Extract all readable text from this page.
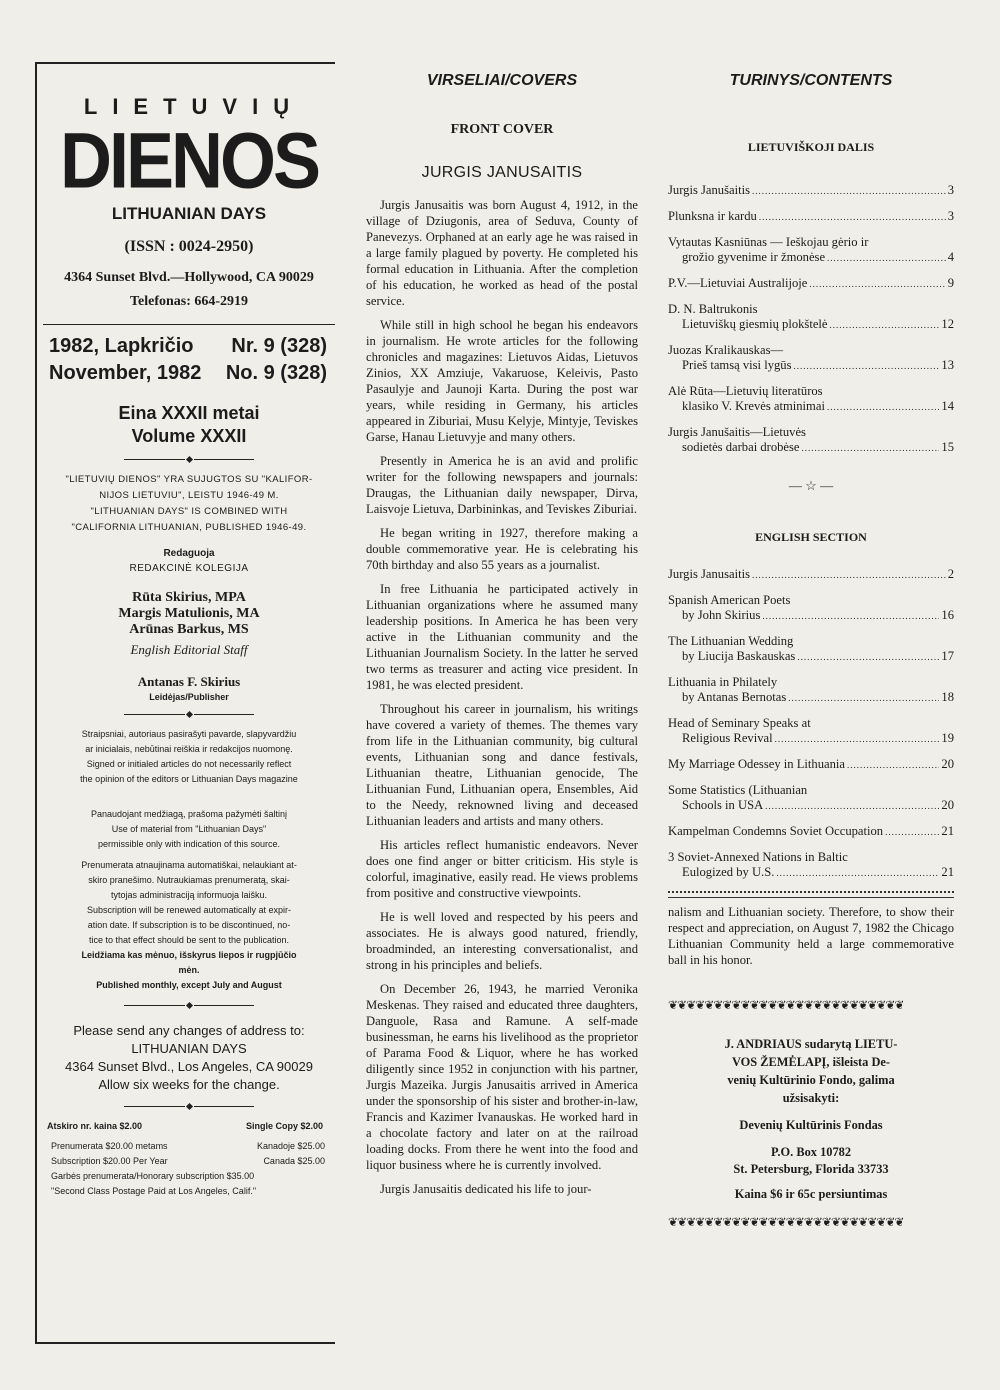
LIETUVIŲ
DIENOS
LITHUANIAN DAYS
(ISSN : 0024-2950)
4364 Sunset Blvd.—Hollywood, CA 90029
Telefonas: 664-2919
1982, Lapkričio Nr. 9 (328)
November, 1982 No. 9 (328)
Eina XXXII metai
Volume XXXII
"LIETUVIŲ DIENOS" YRA SUJUGTOS SU "KALIFOR-
NIJOS LIETUVIU", LEISTU 1946-49 M.
"LITHUANIAN DAYS" IS COMBINED WITH
"CALIFORNIA LITHUANIAN, PUBLISHED 1946-49.
Redaguoja
REDAKCINĖ KOLEGIJA
Rūta Skirius, MPA
Margis Matulionis, MA
Arūnas Barkus, MS
English Editorial Staff
Antanas F. Skirius
Leidėjas/Publisher
Straipsniai, autoriaus pasirašyti pavarde, slapyvardžiu
ar inicialais, nebūtinai reiškia ir redakcijos nuomonę.
Signed or initialed articles do not necessarily reflect
the opinion of the editors or Lithuanian Days magazine
Panaudojant medžiagą, prašoma pažymėti šaltinį
Use of material from "Lithuanian Days"
permissible only with indication of this source.
Prenumerata atnaujinama automatiškai, nelaukiant at-
skiro pranešimo. Nutraukiamas prenumeratą, skai-
tytojas administraciją informuoja laišku.
Subscription will be renewed automatically at expir-
ation date. If subscription is to be discontinued, no-
tice to that effect should be sent to the publication.
Leidžiama kas mėnuo, išskyrus liepos ir rugpjūčio
mėn.
Published monthly, except July and August
Please send any changes of address to:
LITHUANIAN DAYS
4364 Sunset Blvd., Los Angeles, CA 90029
Allow six weeks for the change.
Atskiro nr. kaina $2.00	Single Copy $2.00
Prenumerata $20.00 metams	Kanadoje $25.00
Subscription $20.00 Per Year	Canada $25.00
Garbės prenumerata/Honorary subscription $35.00
"Second Class Postage Paid at Los Angeles, Calif."
VIRSELIAI/COVERS
FRONT COVER
JURGIS JANUSAITIS

Jurgis Janusaitis was born August 4, 1912, in the village of Dziugonis, area of Seduva, County of Panevezys. Orphaned at an early age he was raised in a large family plagued by poverty. He completed his formal education in Lithuania. After the completion of his education, he worked as head of the postal service.

While still in high school he began his endeavors in journalism. He wrote articles for the following chronicles and magazines: Lietuvos Aidas, Lietuvos Zinios, XX Amziuje, Vakaruose, Keleivis, Pasto Pasaulyje and Jaunoji Karta. During the post war years, while residing in Germany, his articles appeared in Ziburiai, Musu Kelyje, Mintyje, Teviskes Garse, Hanau Lietuvyje and many others.

Presently in America he is an avid and prolific writer for the following newspapers and journals: Draugas, the Lithuanian daily newspaper, Dirva, Laisvoje Lietuva, Darbininkas, and Teviskes Ziburiai.

He began writing in 1927, therefore making a double commemorative year. He is celebrating his 70th birthday and also 55 years as a journalist.

In free Lithuania he participated actively in Lithuanian organizations where he assumed many leadership positions. In America he has been very active in the Lithuanian community and the Lithuanian Journalism Society. In the latter he served two terms as treasurer and acting vice president. In 1981, he was elected president.

Throughout his career in journalism, his writings have covered a variety of themes. The themes vary from life in the Lithuanian community, big cultural events, Lithuanian song and dance festivals, Lithuanian theatre, Lithuanian genocide, The Lithuanian Fund, Lithuanian opera, Ensembles, Aid to the Needy, reknowned living and deceased Lithuanian leaders and artists and many others.

His articles reflect humanistic endeavors. Never does one find anger or bitter criticism. His style is colorful, imaginative, easily read. He views problems from positive and constructive viewpoints.

He is well loved and respected by his peers and associates. He is always good natured, friendly, broadminded, an interesting conversationalist, and strong in his principles and beliefs.

On December 26, 1943, he married Veronika Meskenas. They raised and educated three daughters, Danguole, Rasa and Ramune. A self-made businessman, he earns his livelihood as the proprietor of Parama Food & Liquor, where he has worked diligently since 1952 in conjunction with his partner, Jurgis Mazeika. Jurgis Janusaitis arrived in America under the sponsorship of his sister and brother-in-law, Francis and Kazimer Ivanauskas. He worked hard in a chocolate factory and later on at the railroad loading docks. From there he went into the food and liquor business where he is currently involved.

Jurgis Janusaitis dedicated his life to jour-

TURINYS/CONTENTS
LIETUVIŠKOJI DALIS
Jurgis Janušaitis .....	3
Plunksna ir kardu .....	3
Vytautas Kasniūnas — Ieškojau gėrio ir
grožio gyvenime ir žmonėse .....	4
P.V.—Lietuviai Australijoje .....	9
D. N. Baltrukonis
Lietuviškų giesmių plokštelė .....	12
Juozas Kralikauskas—
Prieš tamsą visi lygūs .....	13
Alė Rūta—Lietuvių literatūros
klasiko V. Krevės atminimai .....	14
Jurgis Janušaitis—Lietuvės
sodietės darbai drobėse .....	15
— ☆ —
ENGLISH SECTION
Jurgis Janusaitis .....	2
Spanish American Poets
by John Skirius .....	16
The Lithuanian Wedding
by Liucija Baskauskas .....	17
Lithuania in Philately
by Antanas Bernotas .....	18
Head of Seminary Speaks at
Religious Revival .....	19
My Marriage Odessey in Lithuania .....	20
Some Statistics (Lithuanian
Schools in USA .....	20
Kampelman Condemns Soviet Occupation .....	21
3 Soviet-Annexed Nations in Baltic
Eulogized by U.S. .....	21
nalism and Lithuanian society. Therefore, to show their respect and appreciation, on August 7, 1982 the Chicago Lithuanian Community held a large commemorative ball in his honor.
❦❦❦❦❦❦❦❦❦❦❦❦❦❦❦❦❦❦❦❦❦❦❦❦❦❦
J. ANDRIAUS sudarytą LIETU-
VOS ŽEMĖLAPĮ, išleista De-
venių Kultūrinio Fondo, galima
užsisakyti:
Devenių Kultūrinis Fondas
P.O. Box 10782
St. Petersburg, Florida 33733
Kaina $6 ir 65c persiuntimas
❦❦❦❦❦❦❦❦❦❦❦❦❦❦❦❦❦❦❦❦❦❦❦❦❦❦
